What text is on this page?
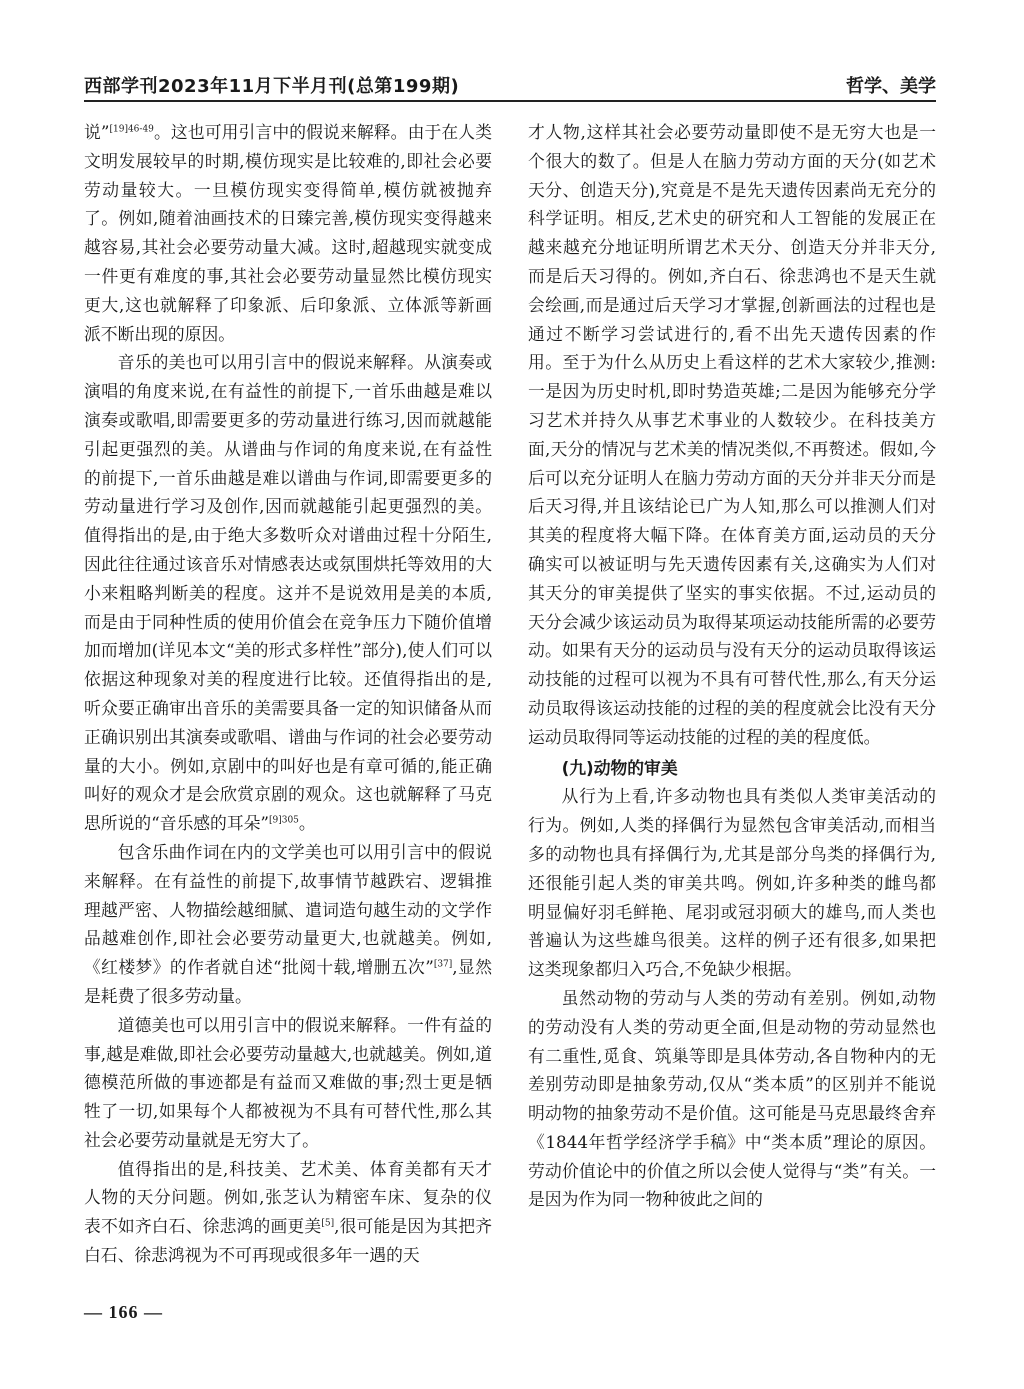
西部学刊2023年11月下半月刊(总第199期)	哲学、美学

说”$^{[19]46-49}$。这也可用引言中的假说来解释。由于在人类文明发展较早的时期,模仿现实是比较难的,即社会必要劳动量较大。一旦模仿现实变得简单,模仿就被抛弃了。例如,随着油画技术的日臻完善,模仿现实变得越来越容易,其社会必要劳动量大减。这时,超越现实就变成一件更有难度的事,其社会必要劳动量显然比模仿现实更大,这也就解释了印象派、后印象派、立体派等新画派不断出现的原因。

音乐的美也可以用引言中的假说来解释。从演奏或演唱的角度来说,在有益性的前提下,一首乐曲越是难以演奏或歌唱,即需要更多的劳动量进行练习,因而就越能引起更强烈的美。从谱曲与作词的角度来说,在有益性的前提下,一首乐曲越是难以谱曲与作词,即需要更多的劳动量进行学习及创作,因而就越能引起更强烈的美。值得指出的是,由于绝大多数听众对谱曲过程十分陌生,因此往往通过该音乐对情感表达或氛围烘托等效用的大小来粗略判断美的程度。这并不是说效用是美的本质,而是由于同种性质的使用价值会在竞争压力下随价值增加而增加(详见本文“美的形式多样性”部分),使人们可以依据这种现象对美的程度进行比较。还值得指出的是,听众要正确审出音乐的美需要具备一定的知识储备从而正确识别出其演奏或歌唱、谱曲与作词的社会必要劳动量的大小。例如,京剧中的叫好也是有章可循的,能正确叫好的观众才是会欣赏京剧的观众。这也就解释了马克思所说的“音乐感的耳朵”$^{[9]305}$。

包含乐曲作词在内的文学美也可以用引言中的假说来解释。在有益性的前提下,故事情节越跌宕、逻辑推理越严密、人物描绘越细腻、遣词造句越生动的文学作品越难创作,即社会必要劳动量更大,也就越美。例如,《红楼梦》的作者就自述“批阅十载,增删五次”[37],显然是耗费了很多劳动量。

道德美也可以用引言中的假说来解释。一件有益的事,越是难做,即社会必要劳动量越大,也就越美。例如,道德模范所做的事迹都是有益而又难做的事;烈士更是牺牲了一切,如果每个人都被视为不具有可替代性,那么其社会必要劳动量就是无穷大了。

值得指出的是,科技美、艺术美、体育美都有天才人物的天分问题。例如,张芝认为精密车床、复杂的仪表不如齐白石、徐悲鸿的画更美[5],很可能是因为其把齐白石、徐悲鸿视为不可再现或很多年一遇的天

才人物,这样其社会必要劳动量即使不是无穷大也是一个很大的数了。但是人在脑力劳动方面的天分(如艺术天分、创造天分),究竟是不是先天遗传因素尚无充分的科学证明。相反,艺术史的研究和人工智能的发展正在越来越充分地证明所谓艺术天分、创造天分并非天分,而是后天习得的。例如,齐白石、徐悲鸿也不是天生就会绘画,而是通过后天学习才掌握,创新画法的过程也是通过不断学习尝试进行的,看不出先天遗传因素的作用。至于为什么从历史上看这样的艺术大家较少,推测:一是因为历史时机,即时势造英雄;二是因为能够充分学习艺术并持久从事艺术事业的人数较少。在科技美方面,天分的情况与艺术美的情况类似,不再赘述。假如,今后可以充分证明人在脑力劳动方面的天分并非天分而是后天习得,并且该结论已广为人知,那么可以推测人们对其美的程度将大幅下降。在体育美方面,运动员的天分确实可以被证明与先天遗传因素有关,这确实为人们对其天分的审美提供了坚实的事实依据。不过,运动员的天分会减少该运动员为取得某项运动技能所需的必要劳动。如果有天分的运动员与没有天分的运动员取得该运动技能的过程可以视为不具有可替代性,那么,有天分运动员取得该运动技能的过程的美的程度就会比没有天分运动员取得同等运动技能的过程的美的程度低。

(九)动物的审美

从行为上看,许多动物也具有类似人类审美活动的行为。例如,人类的择偶行为显然包含审美活动,而相当多的动物也具有择偶行为,尤其是部分鸟类的择偶行为,还很能引起人类的审美共鸣。例如,许多种类的雌鸟都明显偏好羽毛鲜艳、尾羽或冠羽硕大的雄鸟,而人类也普遍认为这些雄鸟很美。这样的例子还有很多,如果把这类现象都归入巧合,不免缺少根据。

虽然动物的劳动与人类的劳动有差别。例如,动物的劳动没有人类的劳动更全面,但是动物的劳动显然也有二重性,觅食、筑巢等即是具体劳动,各自物种内的无差别劳动即是抽象劳动,仅从“类本质”的区别并不能说明动物的抽象劳动不是价值。这可能是马克思最终舍弃《1844年哲学经济学手稿》中“类本质”理论的原因。劳动价值论中的价值之所以会使人觉得与“类”有关。一是因为作为同一物种彼此之间的

— 166 —
